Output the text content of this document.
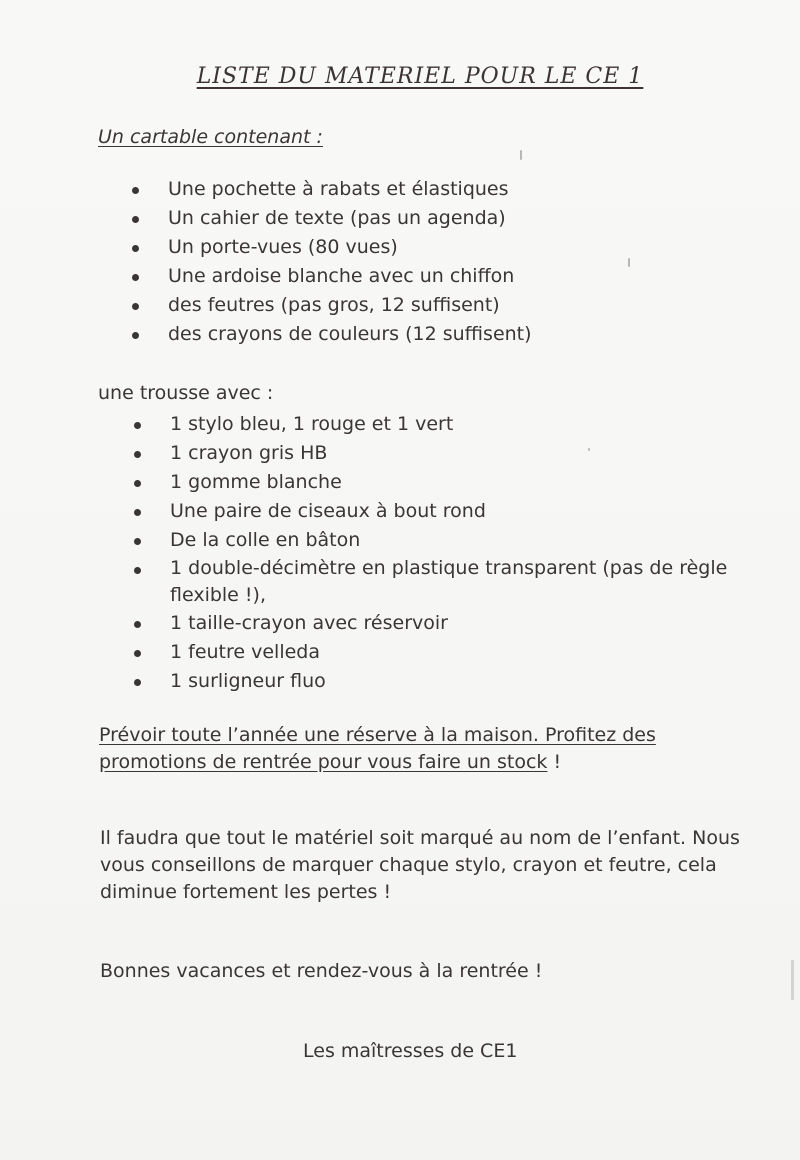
LISTE DU MATERIEL POUR LE CE 1
Un cartable contenant :
Une pochette à rabats et élastiques
Un cahier de texte (pas un agenda)
Un porte-vues (80 vues)
Une ardoise blanche avec un chiffon
des feutres (pas gros, 12 suffisent)
des crayons de couleurs (12 suffisent)
une trousse avec :
1 stylo bleu, 1 rouge et 1 vert
1 crayon gris HB
1 gomme blanche
Une paire de ciseaux à bout rond
De la colle en bâton
1 double-décimètre en plastique transparent (pas de règle flexible !),
1 taille-crayon avec réservoir
1 feutre velleda
1 surligneur fluo
Prévoir toute l’année une réserve à la maison. Profitez des promotions de rentrée pour vous faire un stock !
Il faudra que tout le matériel soit marqué au nom de l’enfant. Nous vous conseillons de marquer chaque stylo, crayon et feutre, cela diminue fortement les pertes !
Bonnes vacances et rendez-vous à la rentrée !
Les maîtresses de CE1
